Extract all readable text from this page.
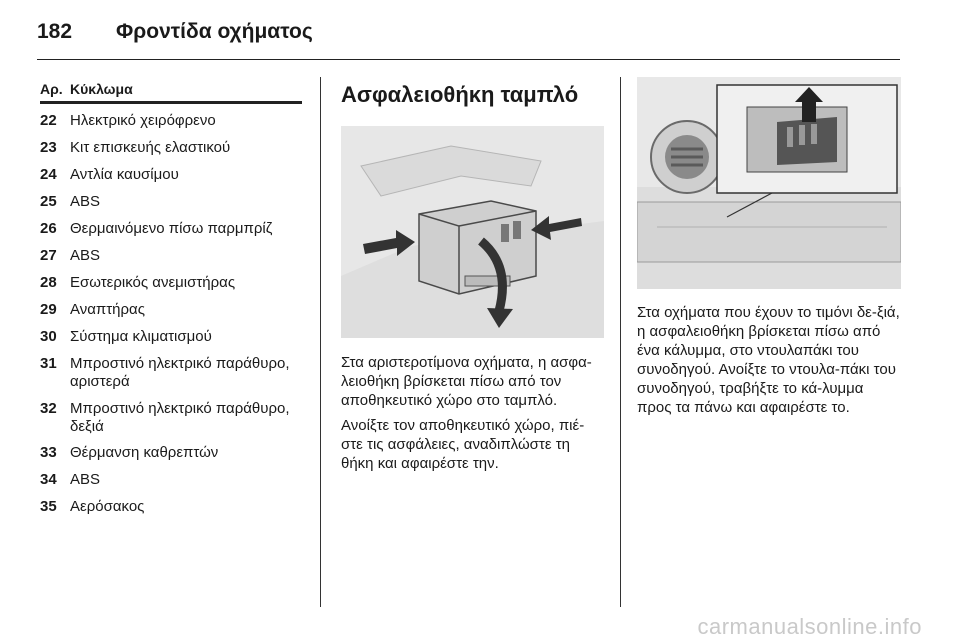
182 Φροντίδα οχήματος
Αρ. Κύκλωμα
22 Ηλεκτρικό χειρόφρενο
23 Κιτ επισκευής ελαστικού
24 Αντλία καυσίμου
25 ABS
26 Θερμαινόμενο πίσω παρμπρίζ
27 ABS
28 Εσωτερικός ανεμιστήρας
29 Αναπτήρας
30 Σύστημα κλιματισμού
31 Μπροστινό ηλεκτρικό παράθυρο, αριστερά
32 Μπροστινό ηλεκτρικό παράθυρο, δεξιά
33 Θέρμανση καθρεπτών
34 ABS
35 Αερόσακος
Ασφαλειοθήκη ταμπλό

Στα αριστεροτίμονα οχήματα, η ασφα-λειοθήκη βρίσκεται πίσω από τον αποθηκευτικό χώρο στο ταμπλό.

Ανοίξτε τον αποθηκευτικό χώρο, πιέ-στε τις ασφάλειες, αναδιπλώστε τη θήκη και αφαιρέστε την.

Στα οχήματα που έχουν το τιμόνι δε-ξιά, η ασφαλειοθήκη βρίσκεται πίσω από ένα κάλυμμα, στο ντουλαπάκι του συνοδηγού. Ανοίξτε το ντουλα-πάκι του συνοδηγού, τραβήξτε το κά-λυμμα προς τα πάνω και αφαιρέστε το.

carmanualsonline.info
